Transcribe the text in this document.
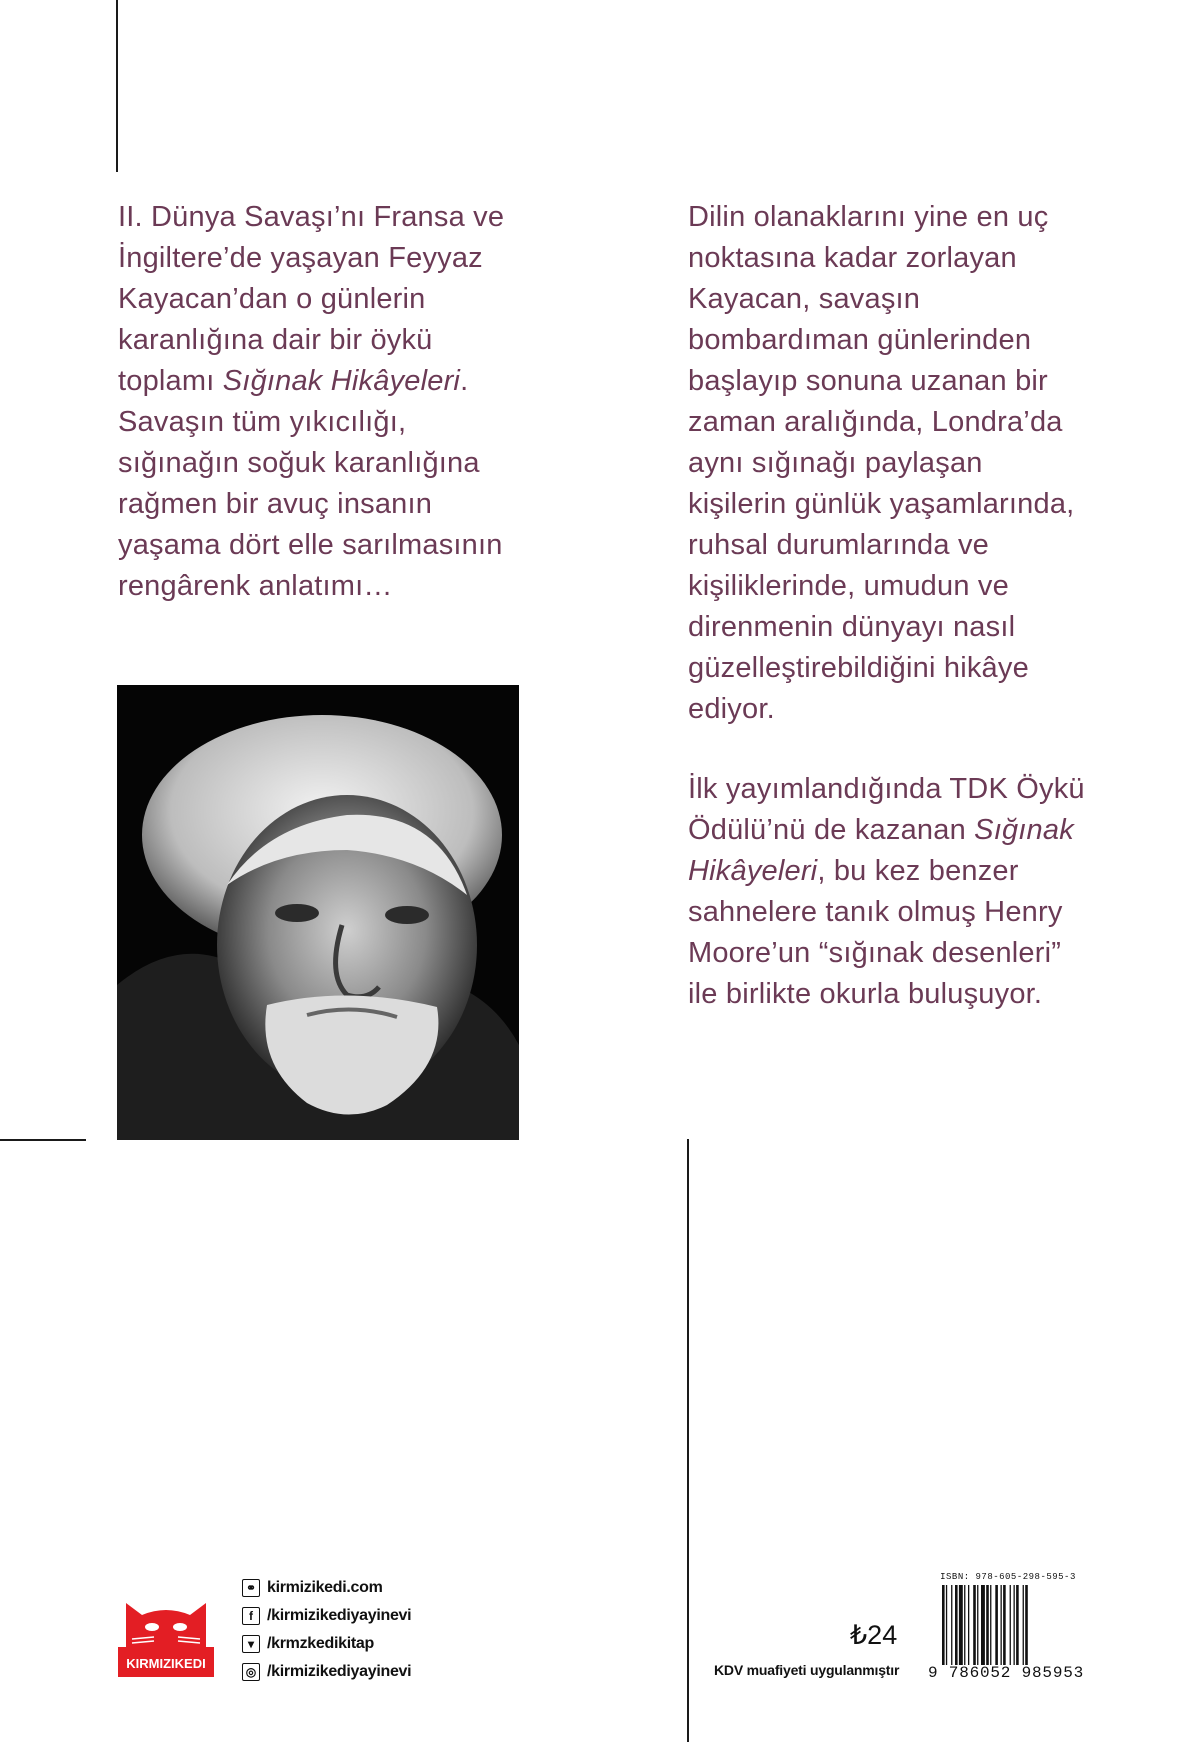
II. Dünya Savaşı’nı Fransa ve İngiltere’de yaşayan Feyyaz Kayacan’dan o günlerin karanlığına dair bir öykü toplamı Sığınak Hikâyeleri. Savaşın tüm yıkıcılığı, sığınağın soğuk karanlığına rağmen bir avuç insanın yaşama dört elle sarılmasının rengârenk anlatımı…

Dilin olanaklarını yine en uç noktasına kadar zorlayan Kayacan, savaşın bombardıman günlerinden başlayıp sonuna uzanan bir zaman aralığında, Londra’da aynı sığınağı paylaşan kişilerin günlük yaşamlarında, ruhsal durumlarında ve kişiliklerinde, umudun ve direnmenin dünyayı nasıl güzelleştirebildiğini hikâye ediyor.

İlk yayımlandığında TDK Öykü Ödülü’nü de kazanan Sığınak Hikâyeleri, bu kez benzer sahnelere tanık olmuş Henry Moore’un “sığınak desenleri” ile birlikte okurla buluşuyor.

KIRMIZIKEDI
⚭ kirmizikedi.com
f /kirmizikediyayinevi
▾ /krmzkedikitap
◎ /kirmizikediyayinevi
₺24
KDV muafiyeti uygulanmıştır
ISBN: 978-605-298-595-3
9 786052 985953
